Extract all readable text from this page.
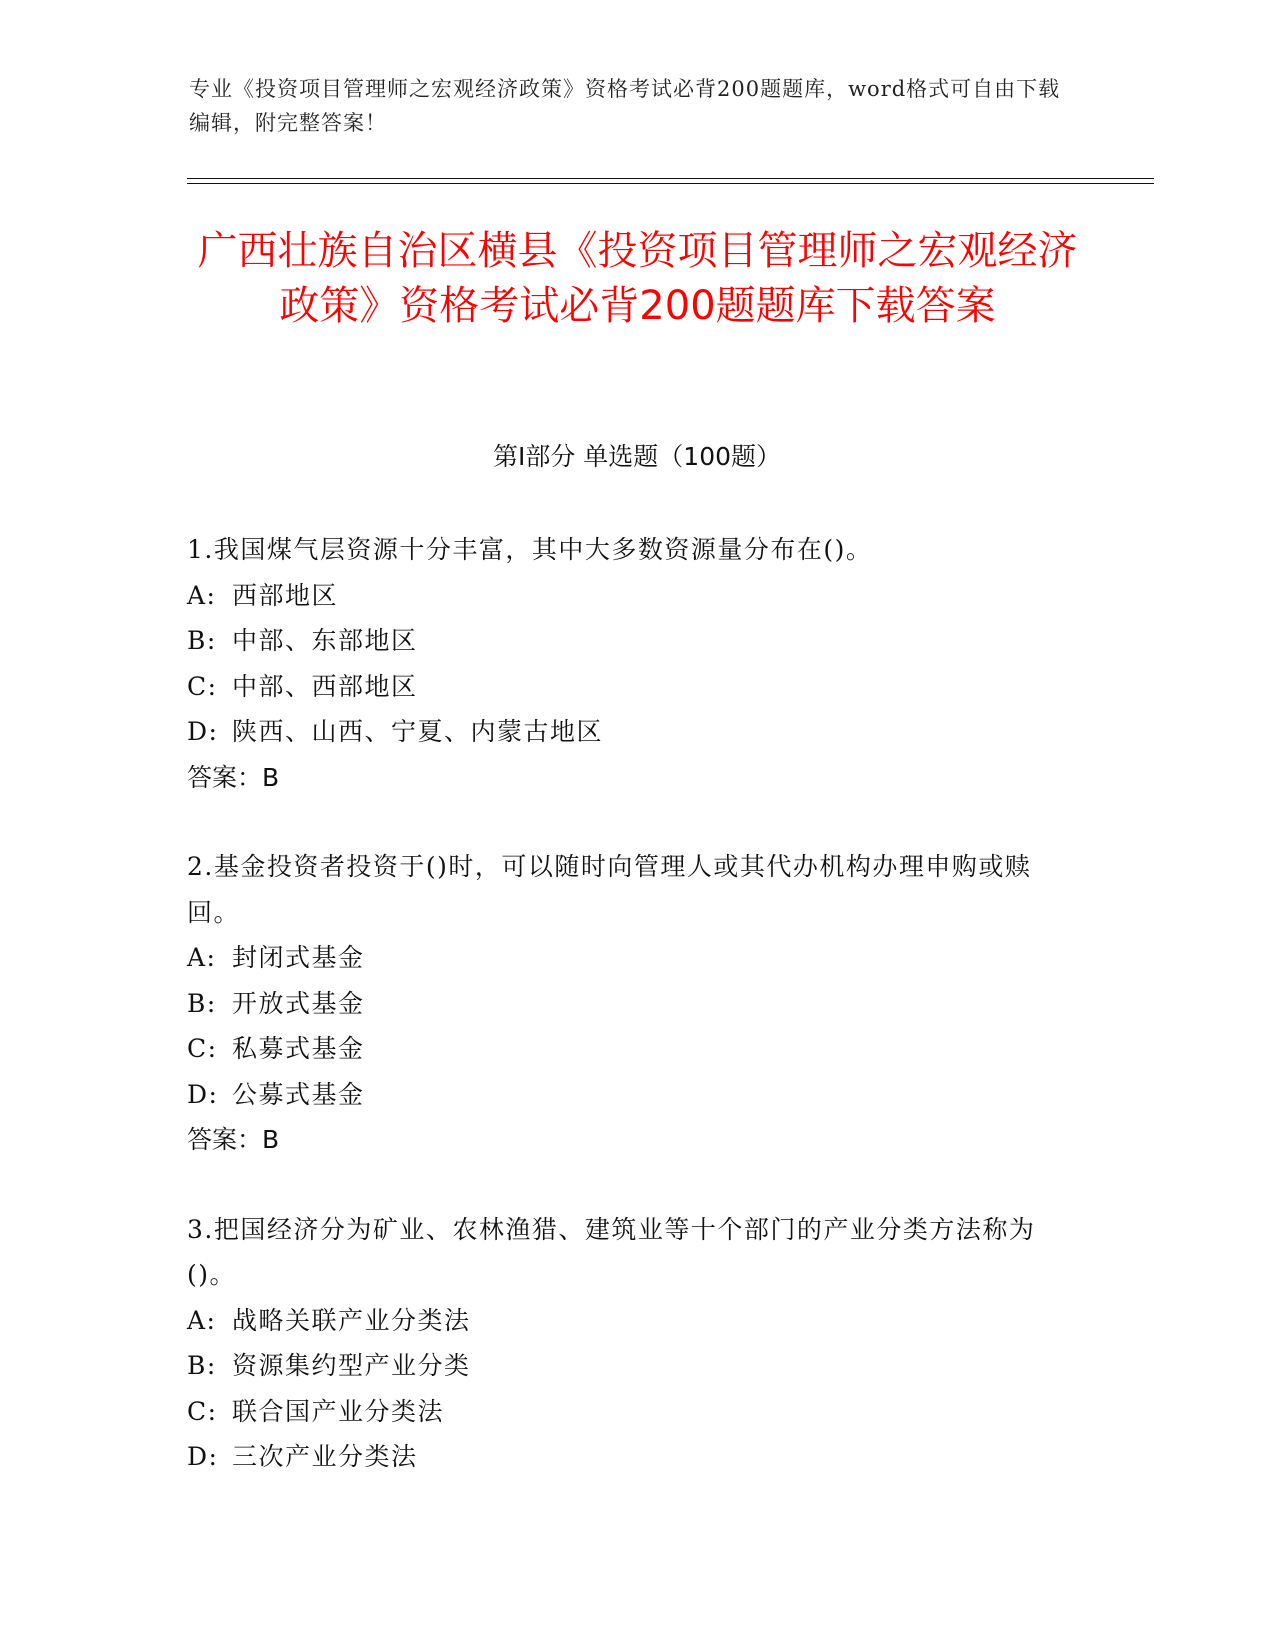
专业《投资项目管理师之宏观经济政策》资格考试必背200题题库，word格式可自由下载编辑，附完整答案！
广西壮族自治区横县《投资项目管理师之宏观经济政策》资格考试必背200题题库下载答案
第I部分 单选题（100题）
1.我国煤气层资源十分丰富，其中大多数资源量分布在()。
A: 西部地区
B: 中部、东部地区
C: 中部、西部地区
D: 陕西、山西、宁夏、内蒙古地区
答案：B
2.基金投资者投资于()时，可以随时向管理人或其代办机构办理申购或赎回。
A: 封闭式基金
B: 开放式基金
C: 私募式基金
D: 公募式基金
答案：B
3.把国经济分为矿业、农林渔猎、建筑业等十个部门的产业分类方法称为()。
A: 战略关联产业分类法
B: 资源集约型产业分类
C: 联合国产业分类法
D: 三次产业分类法
